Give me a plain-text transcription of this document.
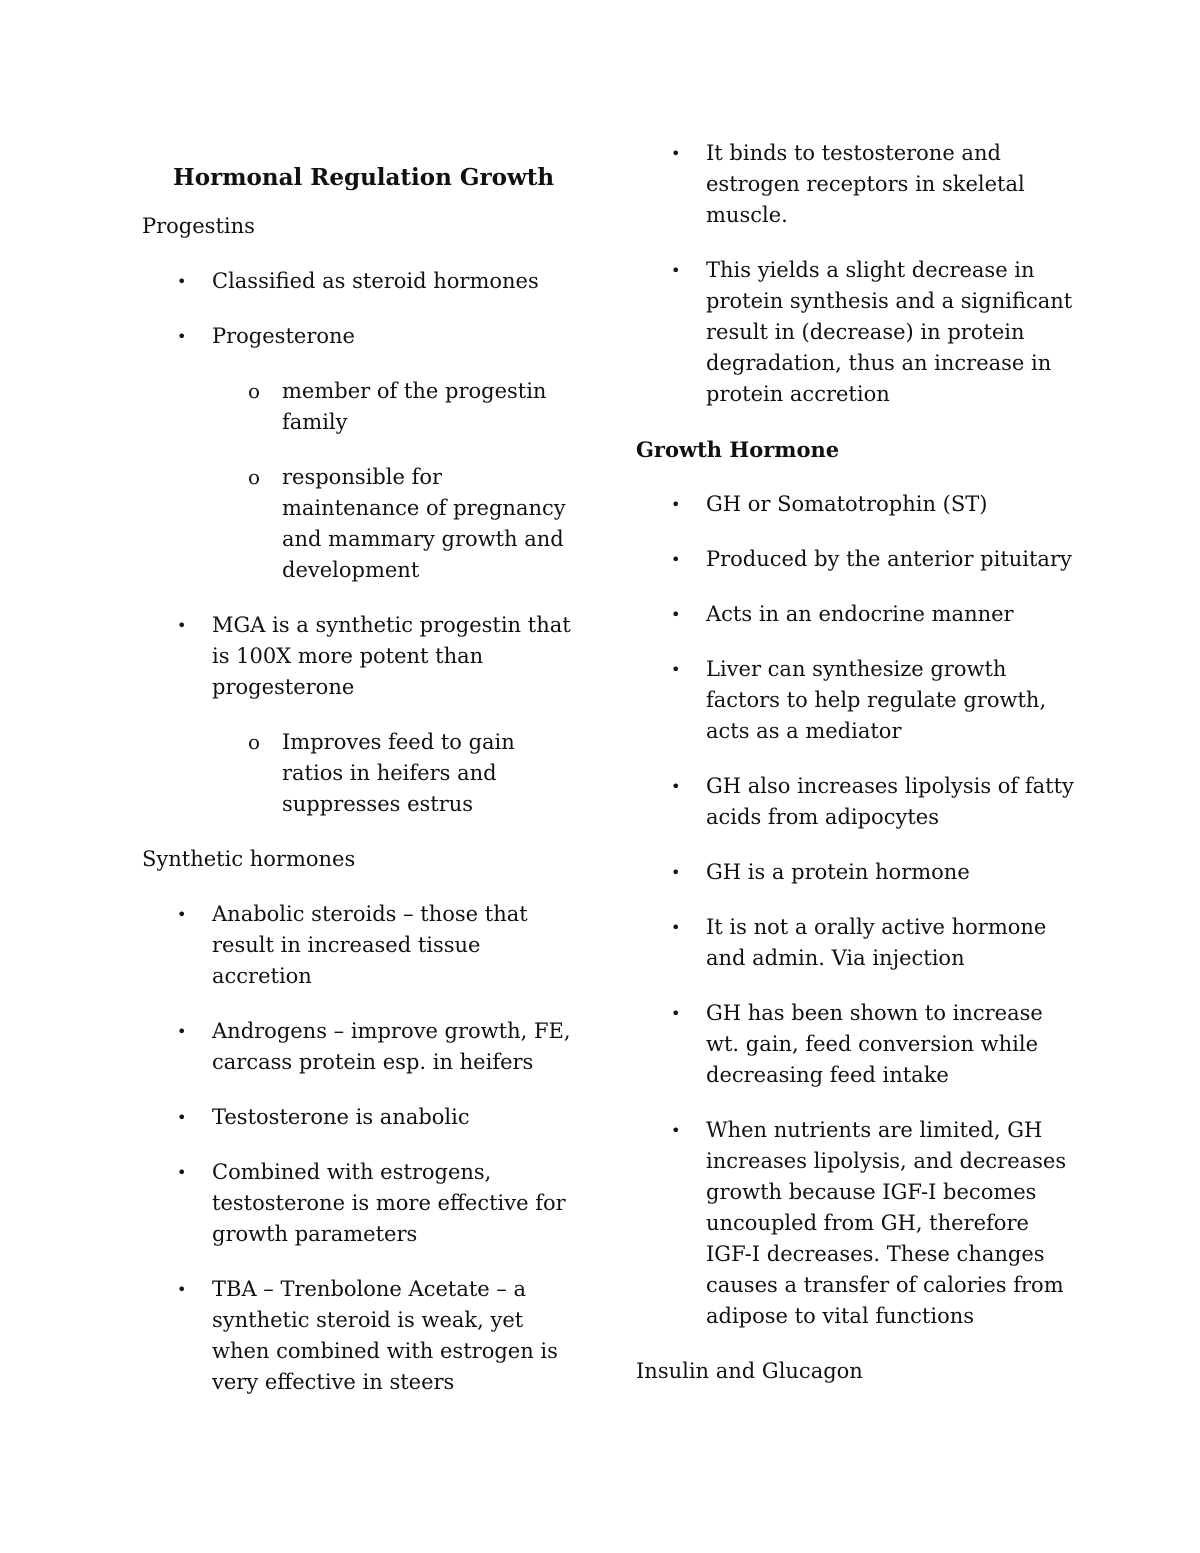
Hormonal Regulation Growth
Progestins
• Classified as steroid hormones
• Progesterone
o member of the progestin family
o responsible for maintenance of pregnancy and mammary growth and development
• MGA is a synthetic progestin that is 100X more potent than progesterone
o Improves feed to gain ratios in heifers and suppresses estrus
Synthetic hormones
• Anabolic steroids – those that result in increased tissue accretion
• Androgens – improve growth, FE, carcass protein esp. in heifers
• Testosterone is anabolic
• Combined with estrogens, testosterone is more effective for growth parameters
• TBA – Trenbolone Acetate – a synthetic steroid is weak, yet when combined with estrogen is very effective in steers
• It binds to testosterone and estrogen receptors in skeletal muscle.
• This yields a slight decrease in protein synthesis and a significant result in (decrease) in protein degradation, thus an increase in protein accretion
Growth Hormone
• GH or Somatotrophin (ST)
• Produced by the anterior pituitary
• Acts in an endocrine manner
• Liver can synthesize growth factors to help regulate growth, acts as a mediator
• GH also increases lipolysis of fatty acids from adipocytes
• GH is a protein hormone
• It is not a orally active hormone and admin. Via injection
• GH has been shown to increase wt. gain, feed conversion while decreasing feed intake
• When nutrients are limited, GH increases lipolysis, and decreases growth because IGF-I becomes uncoupled from GH, therefore IGF-I decreases. These changes causes a transfer of calories from adipose to vital functions
Insulin and Glucagon
